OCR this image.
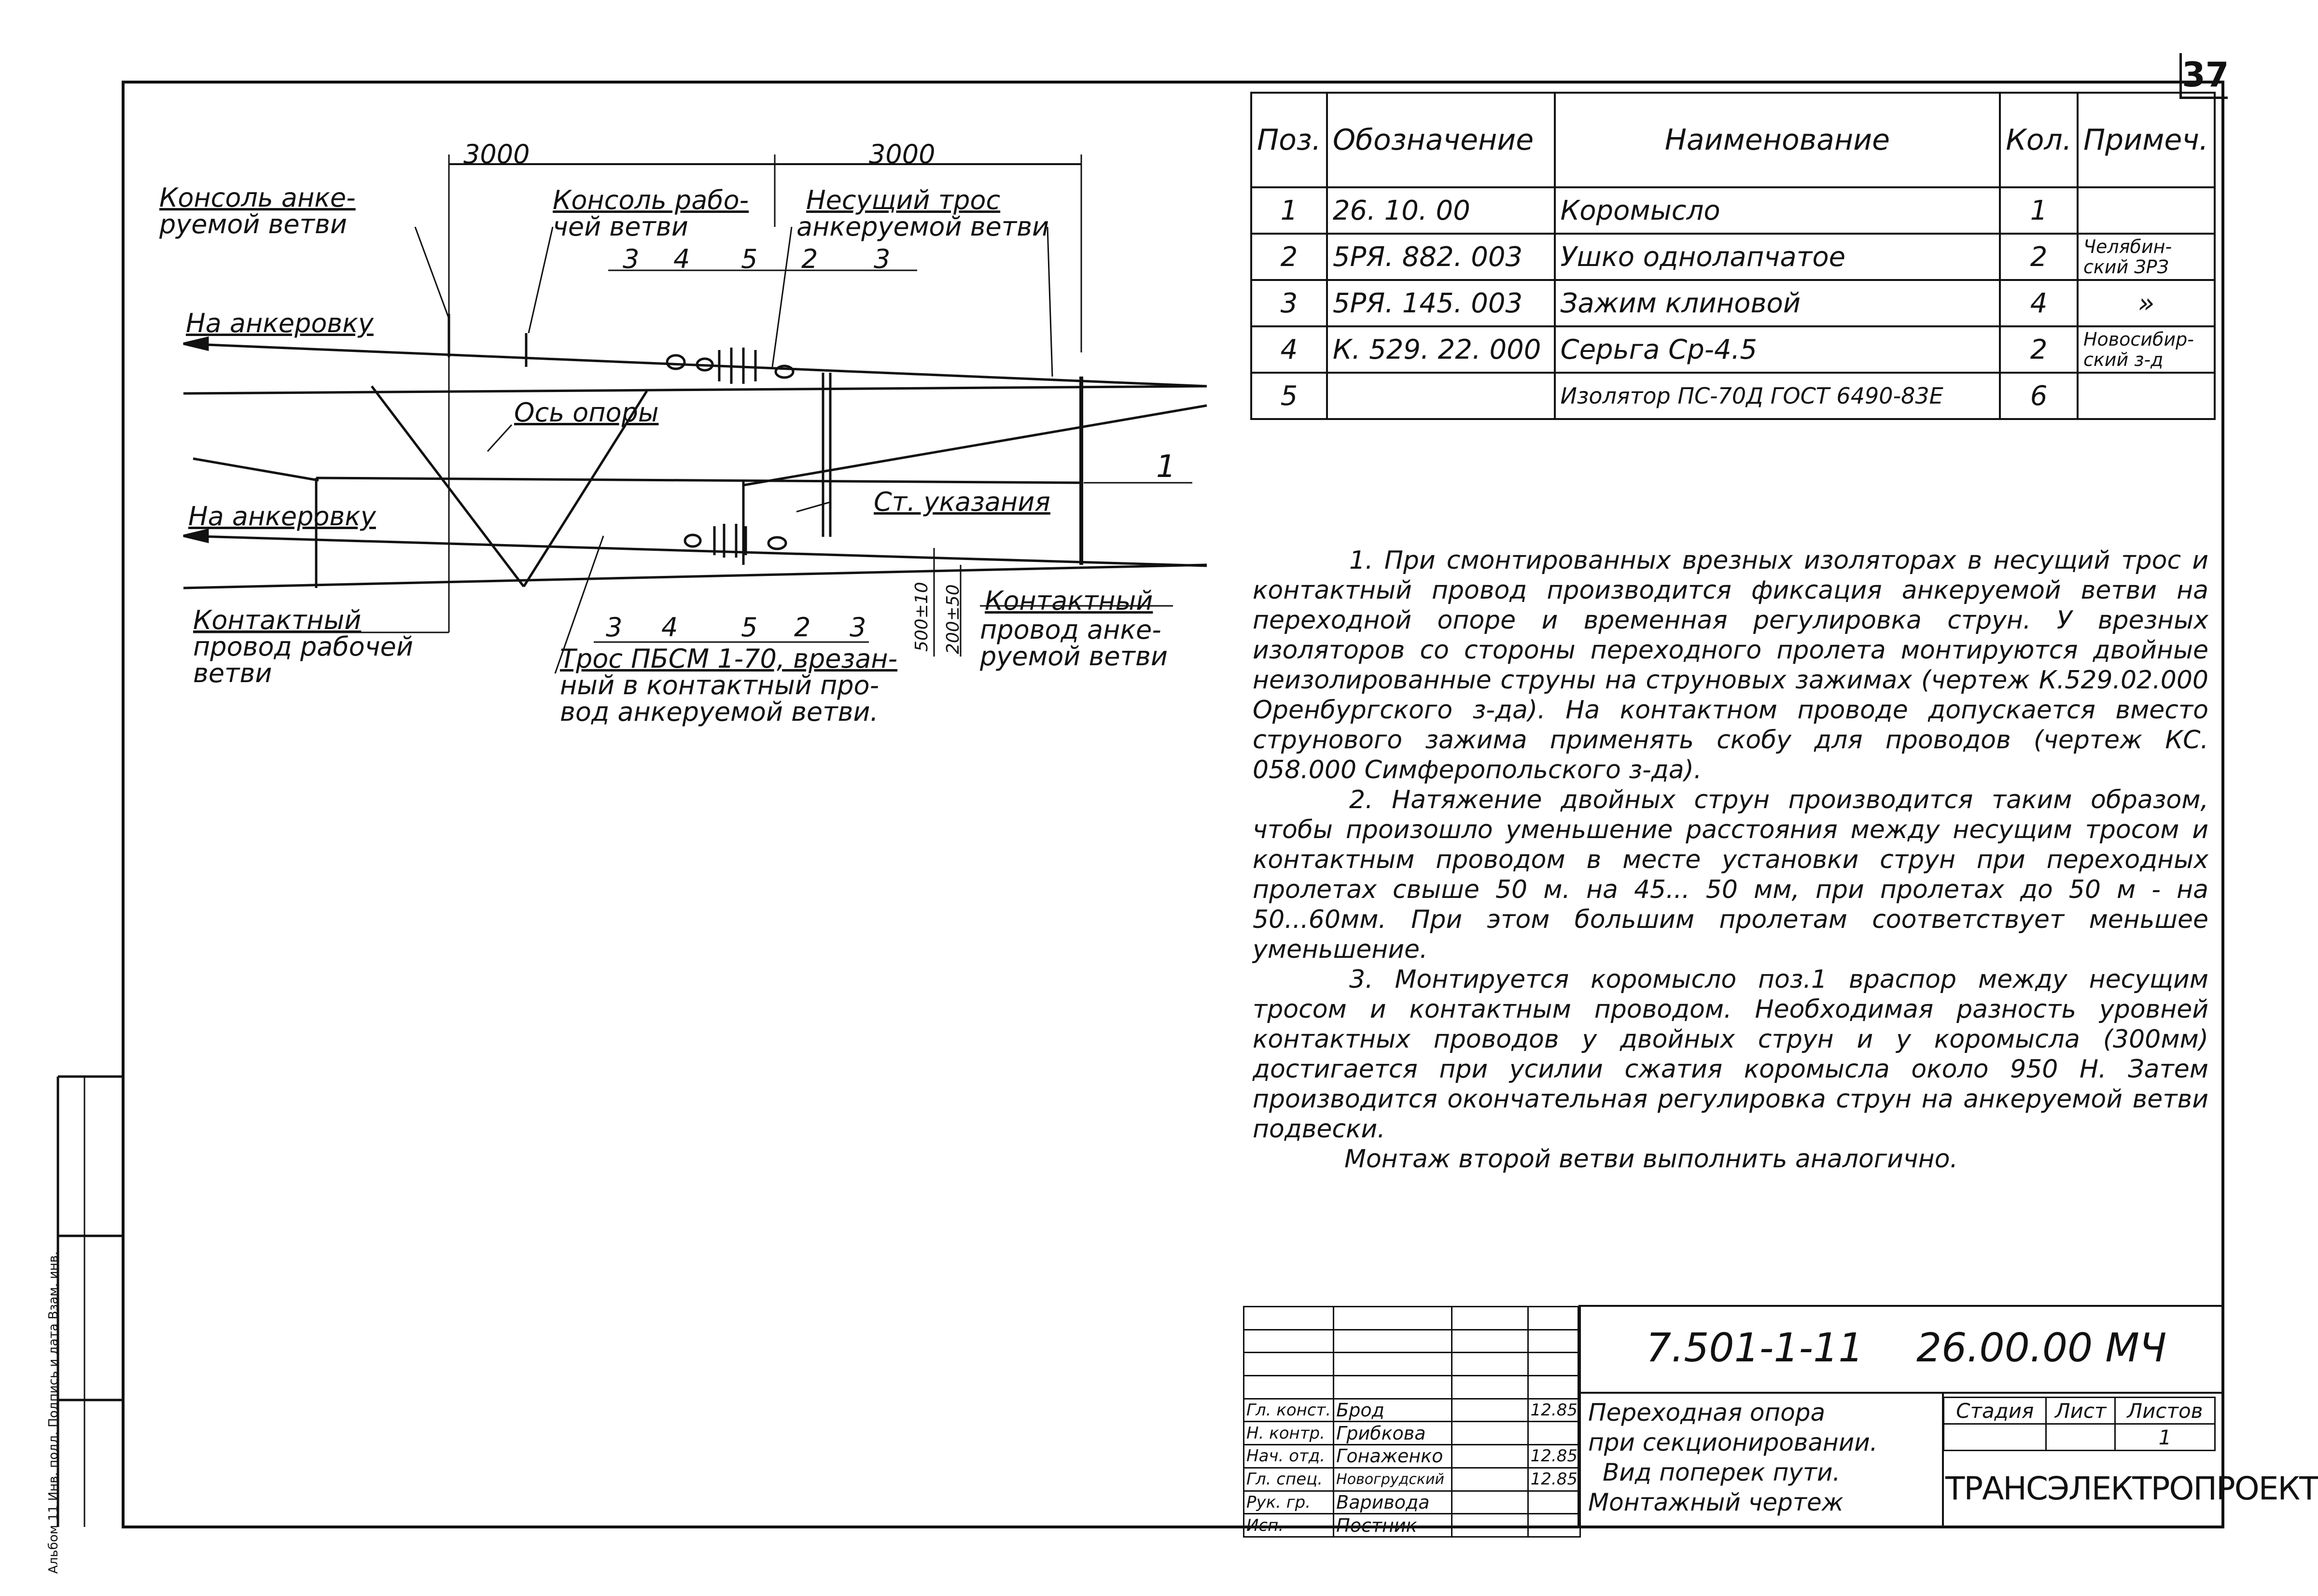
37
3000	3000
Консоль анке-
руемой ветви
Консоль рабо-
чей ветви
Несущий трос
анкеруемой ветви
3 4 5 2 3
На анкеровку
Ось опоры
1
Ст. указания
На анкеровку
Контактный
провод рабочей
ветви
3 4 5 2 3
Трос ПБСМ 1-70, врезан-
ный в контактный про-
вод анкеруемой ветви.
Контактный
провод анке-
руемой ветви
500±10 200±50
Поз.	Обозначение	Наименование	Кол.	Примеч.
1	26. 10. 00	Коромысло	1	
2	5РЯ. 882. 003	Ушко однолапчатое	2	Челябин-ский ЗРЗ
3	5РЯ. 145. 003	Зажим клиновой	4	»
4	К. 529. 22. 000	Серьга Ср-4.5	2	Новосибир-ский з-д
5		Изолятор ПС-70Д ГОСТ 6490-83Е	6	

1. При смонтированных врезных изоляторах в несущий трос и контактный провод производится фиксация анкеруемой ветви на переходной опоре и временная регулировка струн. У врезных изоляторов со стороны переходного пролета монтируются двойные неизолированные струны на струновых зажимах (чертеж К.529.02.000 Оренбургского з-да). На контактном проводе допускается вместо струнового зажима применять скобу для проводов (чертеж КС. 058.000 Симферопольского з-да).

2. Натяжение двойных струн производится таким образом, чтобы произошло уменьшение расстояния между несущим тросом и контактным проводом в месте установки струн при переходных пролетах свыше 50 м. на 45... 50 мм, при пролетах до 50 м - на 50...60мм. При этом большим пролетам соответствует меньшее уменьшение.

3. Монтируется коромысло поз.1 враспор между несущим тросом и контактным проводом. Необходимая разность уровней контактных проводов у двойных струн и у коромысла (300мм) достигается при усилии сжатия коромысла около 950 Н. Затем производится окончательная регулировка струн на анкеруемой ветви подвески.

Монтаж второй ветви выполнить аналогично.

Гл. конст.	Брод		12.85
Н. контр.	Грибкова		
Нач. отд.	Гонаженко		12.85
Гл. спец.	Новогрудский		12.85
Рук. гр.	Варивода		
Исп.	Постник		
7.501-1-11 26.00.00 МЧ
Переходная опора
при секционировании.
Вид поперек пути.
Монтажный чертеж
Стадия	Лист	Листов
		1
ТРАНСЭЛЕКТРОПРОЕКТ
Альбом 11 Инв. подл. Подпись и дата Взам. инв.
